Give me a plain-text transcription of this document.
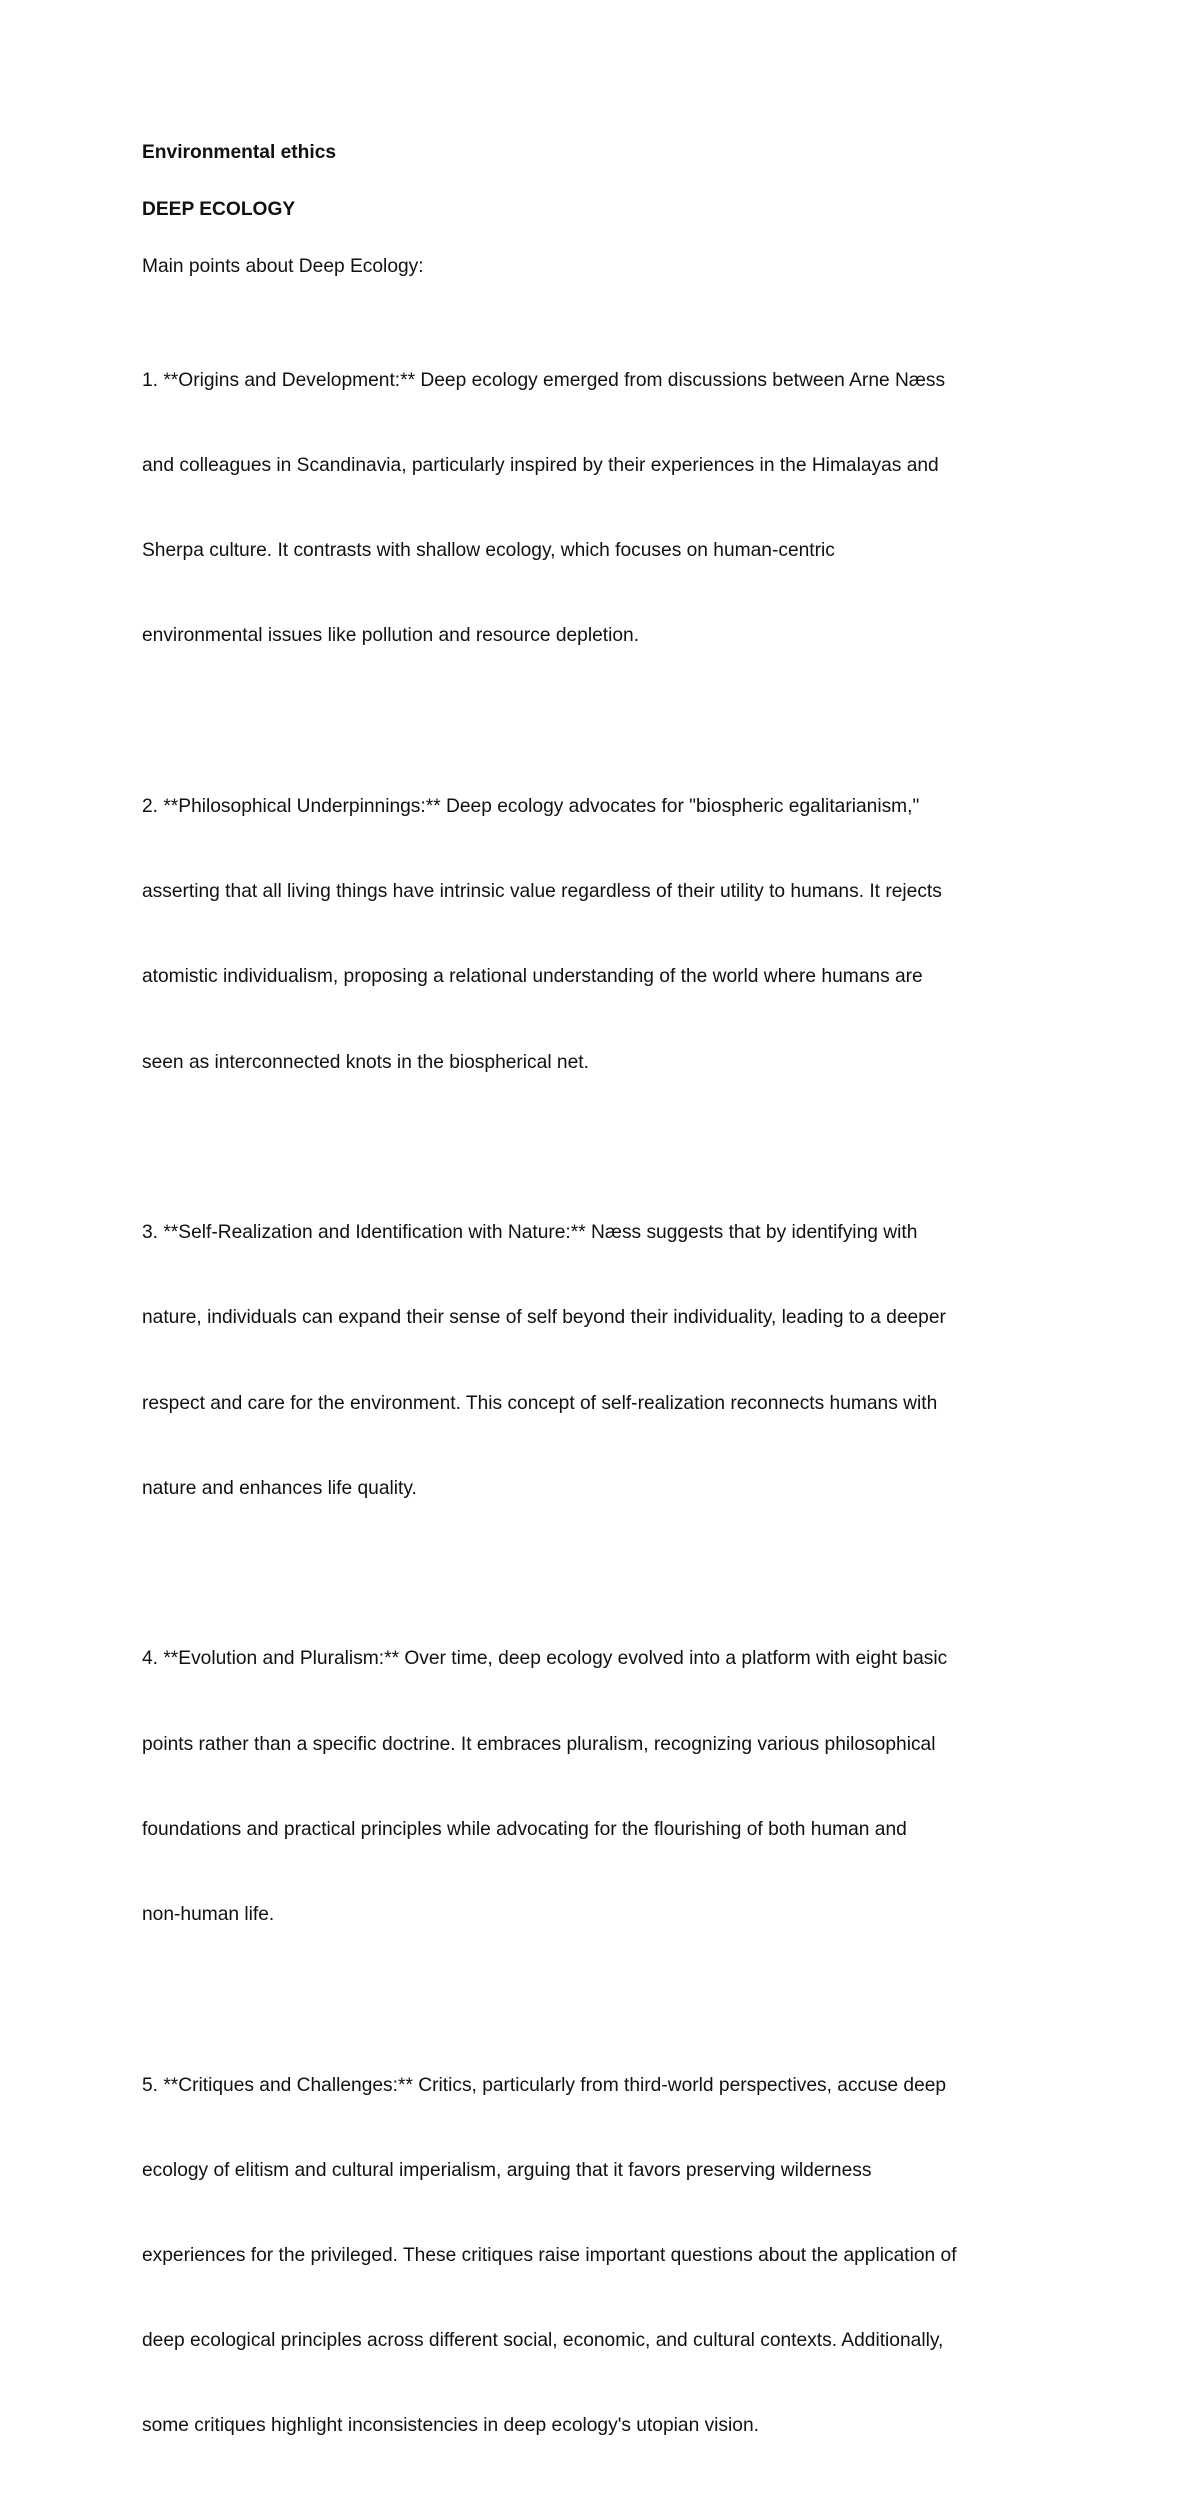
Environmental ethics
DEEP ECOLOGY
Main points about Deep Ecology:

1. **Origins and Development:** Deep ecology emerged from discussions between Arne Næss

and colleagues in Scandinavia, particularly inspired by their experiences in the Himalayas and

Sherpa culture. It contrasts with shallow ecology, which focuses on human-centric

environmental issues like pollution and resource depletion.

2. **Philosophical Underpinnings:** Deep ecology advocates for "biospheric egalitarianism,"

asserting that all living things have intrinsic value regardless of their utility to humans. It rejects

atomistic individualism, proposing a relational understanding of the world where humans are

seen as interconnected knots in the biospherical net.

3. **Self-Realization and Identification with Nature:** Næss suggests that by identifying with

nature, individuals can expand their sense of self beyond their individuality, leading to a deeper

respect and care for the environment. This concept of self-realization reconnects humans with

nature and enhances life quality.

4. **Evolution and Pluralism:** Over time, deep ecology evolved into a platform with eight basic

points rather than a specific doctrine. It embraces pluralism, recognizing various philosophical

foundations and practical principles while advocating for the flourishing of both human and

non-human life.

5. **Critiques and Challenges:** Critics, particularly from third-world perspectives, accuse deep

ecology of elitism and cultural imperialism, arguing that it favors preserving wilderness

experiences for the privileged. These critiques raise important questions about the application of

deep ecological principles across different social, economic, and cultural contexts. Additionally,

some critiques highlight inconsistencies in deep ecology's utopian vision.
